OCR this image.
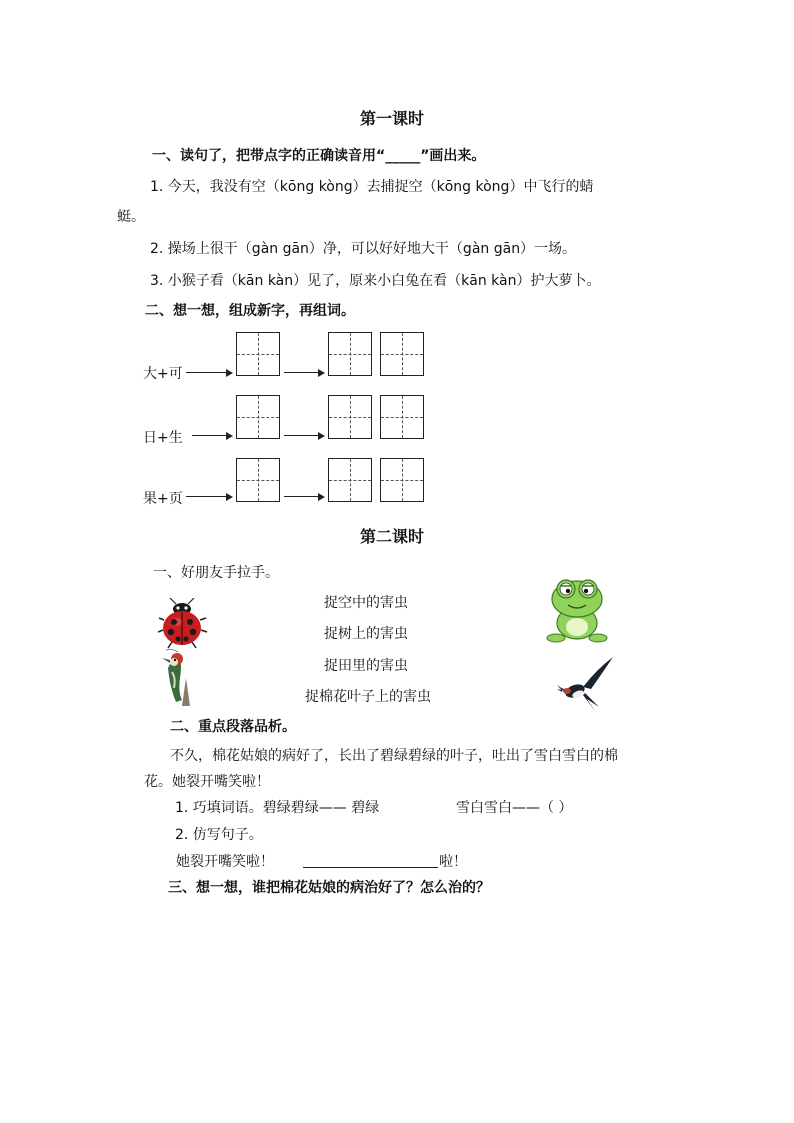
第一课时
一、读句了，把带点字的正确读音用“_____”画出来。
1. 今天，我没有空（kōng kòng）去捕捉空（kōng kòng）中飞行的蜻
蜓。
2. 操场上很干（gàn gān）净，可以好好地大干（gàn gān）一场。
3. 小猴子看（kān kàn）见了，原来小白兔在看（kān kàn）护大萝卜。
二、想一想，组成新字，再组词。
大+可
日+生
果+页
第二课时
一、好朋友手拉手。
捉空中的害虫
捉树上的害虫
捉田里的害虫
捉棉花叶子上的害虫
二、重点段落品析。
不久，棉花姑娘的病好了，长出了碧绿碧绿的叶子，吐出了雪白雪白的棉
花。她裂开嘴笑啦！
1. 巧填词语。碧绿碧绿—— 碧绿	雪白雪白——（ ）
2. 仿写句子。
她裂开嘴笑啦！	啦！
三、想一想，谁把棉花姑娘的病治好了？怎么治的？
